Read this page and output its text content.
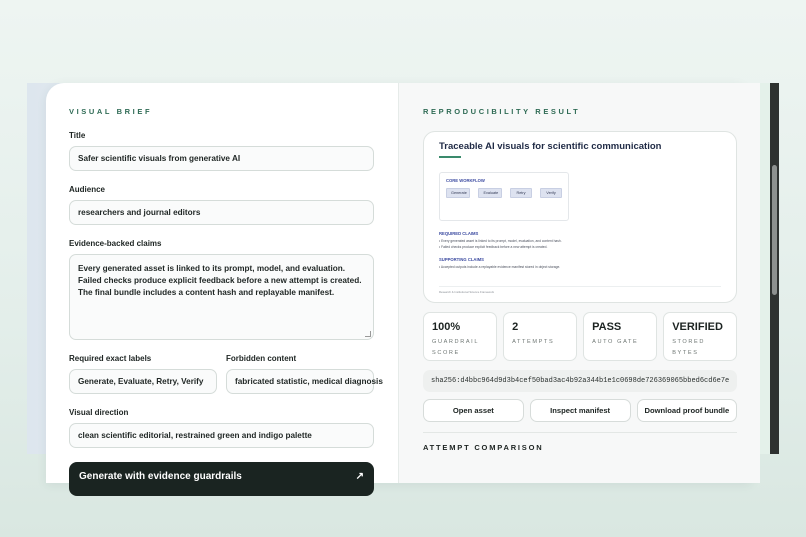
VISUAL BRIEF
Title
Safer scientific visuals from generative AI
Audience
researchers and journal editors
Evidence-backed claims
Every generated asset is linked to its prompt, model, and evaluation. Failed checks produce explicit feedback before a new attempt is created. The final bundle includes a content hash and replayable manifest.
Required exact labels
Generate, Evaluate, Retry, Verify
Forbidden content
fabricated statistic, medical diagnosis
Visual direction
clean scientific editorial, restrained green and indigo palette
Generate with evidence guardrails	↗
REPRODUCIBILITY RESULT
Traceable AI visuals for scientific communication
CORE WORKFLOW
Generate	Evaluate	Retry	Verify
REQUIRED CLAIMS
• Every generated asset is linked to its prompt, model, evaluation, and content hash.
• Failed checks produce explicit feedback before a new attempt is created.
SUPPORTING CLAIMS
• Accepted outputs include a replayable evidence manifest stored in object storage.
Research & Institutional Science Framework
100%
GUARDRAIL SCORE
2
ATTEMPTS
PASS
AUTO GATE
VERIFIED
STORED BYTES
sha256:d4bbc964d9d3b4cef50bad3ac4b92a344b1e1c0698de726369065bbed6cd6e7e
Open asset	Inspect manifest	Download proof bundle
ATTEMPT COMPARISON
